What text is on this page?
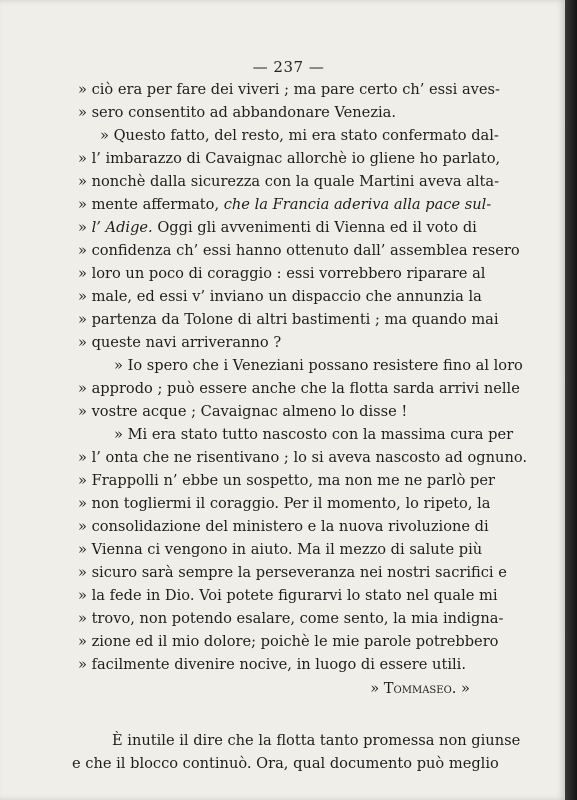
— 237 —
» ciò era per fare dei viveri ; ma pare certo ch’ essi aves-
» sero consentito ad abbandonare Venezia.
» Questo fatto, del resto, mi era stato confermato dal-
» l’ imbarazzo di Cavaignac allorchè io gliene ho parlato,
» nonchè dalla sicurezza con la quale Martini aveva alta-
» mente affermato, che la Francia aderiva alla pace sul-
» l’ Adige. Oggi gli avvenimenti di Vienna ed il voto di
» confidenza ch’ essi hanno ottenuto dall’ assemblea resero
» loro un poco di coraggio : essi vorrebbero riparare al
» male, ed essi v’ inviano un dispaccio che annunzia la
» partenza da Tolone di altri bastimenti ; ma quando mai
» queste navi arriveranno ?
» Io spero che i Veneziani possano resistere fino al loro
» approdo ; può essere anche che la flotta sarda arrivi nelle
» vostre acque ; Cavaignac almeno lo disse !
» Mi era stato tutto nascosto con la massima cura per
» l’ onta che ne risentivano ; lo si aveva nascosto ad ognuno.
» Frappolli n’ ebbe un sospetto, ma non me ne parlò per
» non togliermi il coraggio. Per il momento, lo ripeto, la
» consolidazione del ministero e la nuova rivoluzione di
» Vienna ci vengono in aiuto. Ma il mezzo di salute più
» sicuro sarà sempre la perseveranza nei nostri sacrifici e
» la fede in Dio. Voi potete figurarvi lo stato nel quale mi
» trovo, non potendo esalare, come sento, la mia indigna-
» zione ed il mio dolore; poichè le mie parole potrebbero
» facilmente divenire nocive, in luogo di essere utili.
» Tommaseo. »
È inutile il dire che la flotta tanto promessa non giunse
e che il blocco continuò. Ora, qual documento può meglio
